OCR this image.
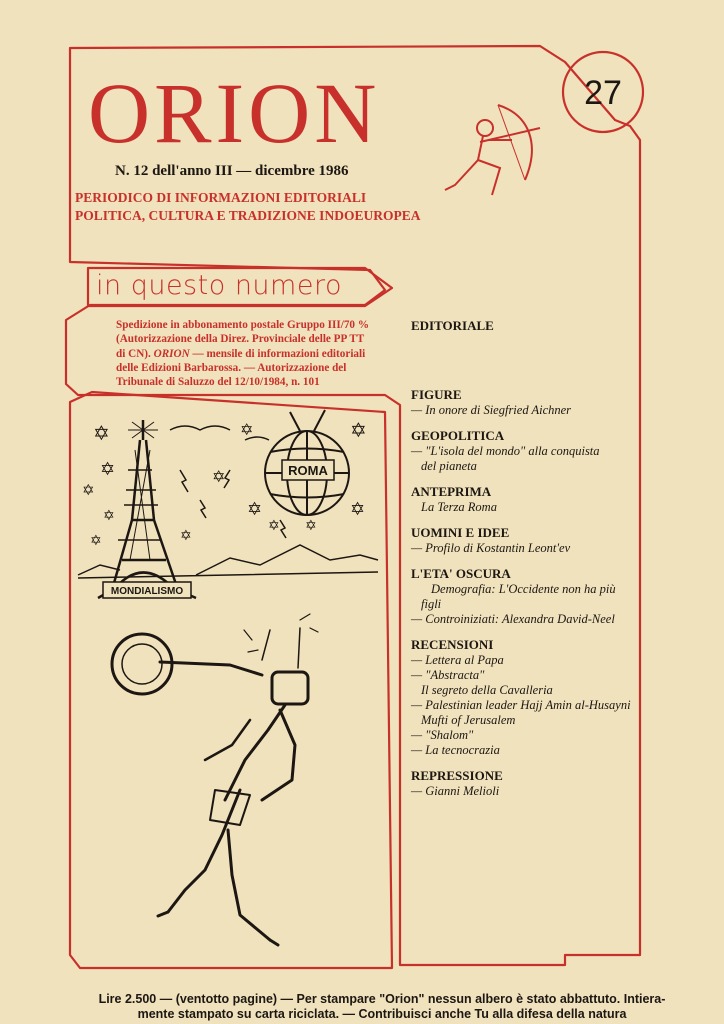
✡	✡	✡
✡
✡
✡
✡
✡
✡
✡
✡
✡
✡
MONDIALISMO
ROMA
ORION	27
N. 12 dell'anno III — dicembre 1986
PERIODICO DI INFORMAZIONI EDITORIALI
POLITICA, CULTURA E TRADIZIONE INDOEUROPEA
in questo numero
Spedizione in abbonamento postale Gruppo III/70 %
(Autorizzazione della Direz. Provinciale delle PP TT
di CN). ORION — mensile di informazioni editoriali
delle Edizioni Barbarossa. — Autorizzazione del
Tribunale di Saluzzo del 12/10/1984, n. 101
EDITORIALE
FIGURE
— In onore di Siegfried Aichner
GEOPOLITICA
— "L'isola del mondo" alla conquista
del pianeta
ANTEPRIMA
La Terza Roma
UOMINI E IDEE
— Profilo di Kostantin Leont'ev
L'ETA' OSCURA
Demografia: L'Occidente non ha più
figli
— Controiniziati: Alexandra David-Neel
RECENSIONI
— Lettera al Papa
— "Abstracta"
Il segreto della Cavalleria
— Palestinian leader Hajj Amin al-Husayni
Mufti of Jerusalem
— "Shalom"
— La tecnocrazia
REPRESSIONE
— Gianni Melioli
Lire 2.500 — (ventotto pagine) — Per stampare "Orion" nessun albero è stato abbattuto. Intiera-
mente stampato su carta riciclata. — Contribuisci anche Tu alla difesa della natura
